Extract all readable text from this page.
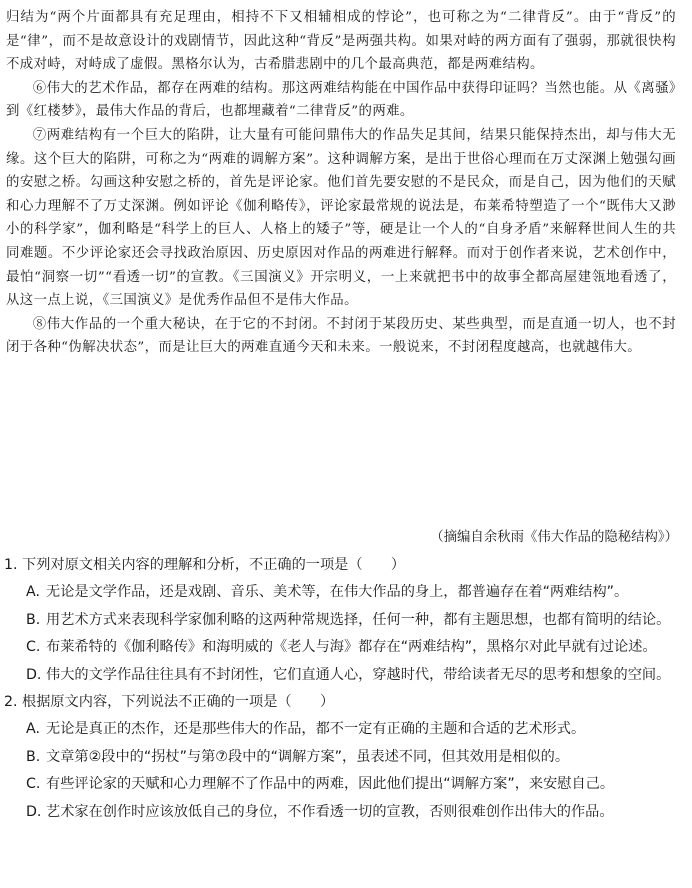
归结为“两个片面都具有充足理由，相持不下又相辅相成的悖论”，也可称之为“二律背反”。由于“背反”的是“律”，而不是故意设计的戏剧情节，因此这种“背反”是两强共构。如果对峙的两方面有了强弱，那就很快构不成对峙，对峙成了虚假。黑格尔认为，古希腊悲剧中的几个最高典范，都是两难结构。

⑥伟大的艺术作品，都存在两难的结构。那这两难结构能在中国作品中获得印证吗？当然也能。从《离骚》到《红楼梦》，最伟大作品的背后，也都埋藏着“二律背反”的两难。

⑦两难结构有一个巨大的陷阱，让大量有可能问鼎伟大的作品失足其间，结果只能保持杰出，却与伟大无缘。这个巨大的陷阱，可称之为“两难的调解方案”。这种调解方案，是出于世俗心理而在万丈深渊上勉强勾画的安慰之桥。勾画这种安慰之桥的，首先是评论家。他们首先要安慰的不是民众，而是自己，因为他们的天赋和心力理解不了万丈深渊。例如评论《伽利略传》，评论家最常规的说法是，布莱希特塑造了一个“既伟大又渺小的科学家”，伽利略是“科学上的巨人、人格上的矮子”等，硬是让一个人的“自身矛盾”来解释世间人生的共同难题。不少评论家还会寻找政治原因、历史原因对作品的两难进行解释。而对于创作者来说，艺术创作中，最怕“洞察一切”“看透一切”的宣教。《三国演义》开宗明义，一上来就把书中的故事全都高屋建瓴地看透了，从这一点上说，《三国演义》是优秀作品但不是伟大作品。

⑧伟大作品的一个重大秘诀，在于它的不封闭。不封闭于某段历史、某些典型，而是直通一切人，也不封闭于各种“伪解决状态”，而是让巨大的两难直通今天和未来。一般说来，不封闭程度越高，也就越伟大。

（摘编自余秋雨《伟大作品的隐秘结构》）

1. 下列对原文相关内容的理解和分析，不正确的一项是（　　）

A. 无论是文学作品，还是戏剧、音乐、美术等，在伟大作品的身上，都普遍存在着“两难结构”。

B. 用艺术方式来表现科学家伽利略的这两种常规选择，任何一种，都有主题思想，也都有简明的结论。

C. 布莱希特的《伽利略传》和海明威的《老人与海》都存在“两难结构”，黑格尔对此早就有过论述。

D. 伟大的文学作品往往具有不封闭性，它们直通人心，穿越时代，带给读者无尽的思考和想象的空间。

2. 根据原文内容，下列说法不正确的一项是（　　）

A. 无论是真正的杰作，还是那些伟大的作品，都不一定有正确的主题和合适的艺术形式。

B. 文章第②段中的“拐杖”与第⑦段中的“调解方案”，虽表述不同，但其效用是相似的。

C. 有些评论家的天赋和心力理解不了作品中的两难，因此他们提出“调解方案”，来安慰自己。

D. 艺术家在创作时应该放低自己的身位，不作看透一切的宣教，否则很难创作出伟大的作品。
